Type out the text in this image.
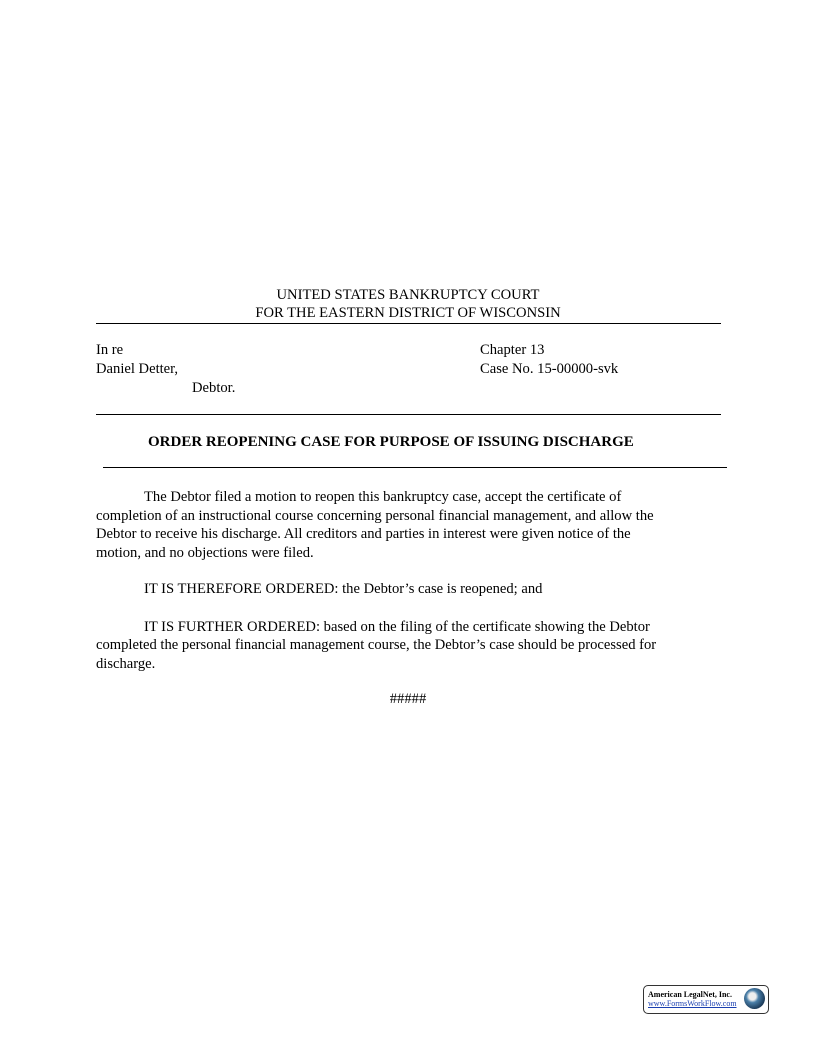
UNITED STATES BANKRUPTCY COURT
FOR THE EASTERN DISTRICT OF WISCONSIN
In re
Daniel Detter,
Debtor.
Chapter 13
Case No. 15-00000-svk
ORDER REOPENING CASE FOR PURPOSE OF ISSUING DISCHARGE
The Debtor filed a motion to reopen this bankruptcy case, accept the certificate of
completion of an instructional course concerning personal financial management, and allow the
Debtor to receive his discharge. All creditors and parties in interest were given notice of the
motion, and no objections were filed.
IT IS THEREFORE ORDERED: the Debtor’s case is reopened; and
IT IS FURTHER ORDERED: based on the filing of the certificate showing the Debtor
completed the personal financial management course, the Debtor’s case should be processed for
discharge.
#####
American LegalNet, Inc.
www.FormsWorkFlow.com
